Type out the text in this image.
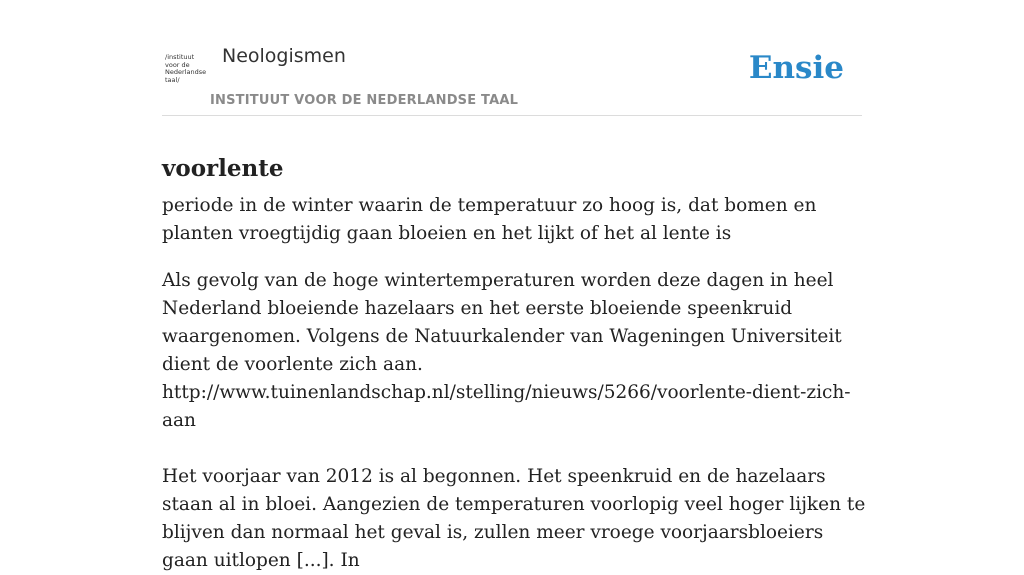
/instituut
voor de
Nederlandse
taal/
Neologismen
INSTITUUT VOOR DE NEDERLANDSE TAAL
Ensie
voorlente

periode in de winter waarin de temperatuur zo hoog is, dat bomen en planten vroegtijdig gaan bloeien en het lijkt of het al lente is

Als gevolg van de hoge wintertemperaturen worden deze dagen in heel Nederland bloeiende hazelaars en het eerste bloeiende speenkruid waargenomen. Volgens de Natuurkalender van Wageningen Universiteit dient de voorlente zich aan.
http://www.tuinenlandschap.nl/stelling/nieuws/5266/voorlente-dient-zich-aan

Het voorjaar van 2012 is al begonnen. Het speenkruid en de hazelaars staan al in bloei. Aangezien de temperaturen voorlopig veel hoger lijken te blijven dan normaal het geval is, zullen meer vroege voorjaarsbloeiers gaan uitlopen [...]. In
